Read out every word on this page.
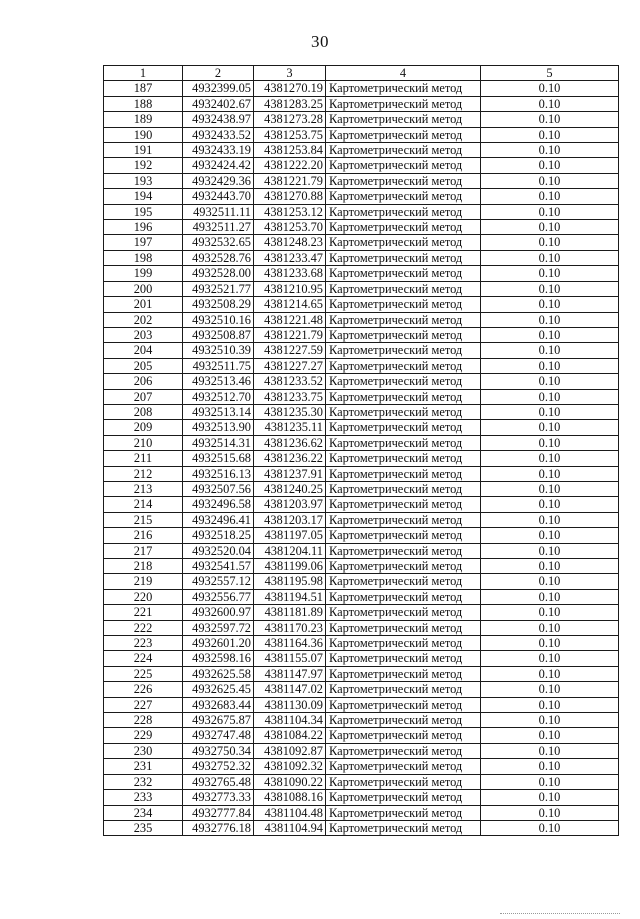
30
1	2	3	4	5
187	4932399.05	4381270.19	Картометрический метод	0.10
188	4932402.67	4381283.25	Картометрический метод	0.10
189	4932438.97	4381273.28	Картометрический метод	0.10
190	4932433.52	4381253.75	Картометрический метод	0.10
191	4932433.19	4381253.84	Картометрический метод	0.10
192	4932424.42	4381222.20	Картометрический метод	0.10
193	4932429.36	4381221.79	Картометрический метод	0.10
194	4932443.70	4381270.88	Картометрический метод	0.10
195	4932511.11	4381253.12	Картометрический метод	0.10
196	4932511.27	4381253.70	Картометрический метод	0.10
197	4932532.65	4381248.23	Картометрический метод	0.10
198	4932528.76	4381233.47	Картометрический метод	0.10
199	4932528.00	4381233.68	Картометрический метод	0.10
200	4932521.77	4381210.95	Картометрический метод	0.10
201	4932508.29	4381214.65	Картометрический метод	0.10
202	4932510.16	4381221.48	Картометрический метод	0.10
203	4932508.87	4381221.79	Картометрический метод	0.10
204	4932510.39	4381227.59	Картометрический метод	0.10
205	4932511.75	4381227.27	Картометрический метод	0.10
206	4932513.46	4381233.52	Картометрический метод	0.10
207	4932512.70	4381233.75	Картометрический метод	0.10
208	4932513.14	4381235.30	Картометрический метод	0.10
209	4932513.90	4381235.11	Картометрический метод	0.10
210	4932514.31	4381236.62	Картометрический метод	0.10
211	4932515.68	4381236.22	Картометрический метод	0.10
212	4932516.13	4381237.91	Картометрический метод	0.10
213	4932507.56	4381240.25	Картометрический метод	0.10
214	4932496.58	4381203.97	Картометрический метод	0.10
215	4932496.41	4381203.17	Картометрический метод	0.10
216	4932518.25	4381197.05	Картометрический метод	0.10
217	4932520.04	4381204.11	Картометрический метод	0.10
218	4932541.57	4381199.06	Картометрический метод	0.10
219	4932557.12	4381195.98	Картометрический метод	0.10
220	4932556.77	4381194.51	Картометрический метод	0.10
221	4932600.97	4381181.89	Картометрический метод	0.10
222	4932597.72	4381170.23	Картометрический метод	0.10
223	4932601.20	4381164.36	Картометрический метод	0.10
224	4932598.16	4381155.07	Картометрический метод	0.10
225	4932625.58	4381147.97	Картометрический метод	0.10
226	4932625.45	4381147.02	Картометрический метод	0.10
227	4932683.44	4381130.09	Картометрический метод	0.10
228	4932675.87	4381104.34	Картометрический метод	0.10
229	4932747.48	4381084.22	Картометрический метод	0.10
230	4932750.34	4381092.87	Картометрический метод	0.10
231	4932752.32	4381092.32	Картометрический метод	0.10
232	4932765.48	4381090.22	Картометрический метод	0.10
233	4932773.33	4381088.16	Картометрический метод	0.10
234	4932777.84	4381104.48	Картометрический метод	0.10
235	4932776.18	4381104.94	Картометрический метод	0.10
